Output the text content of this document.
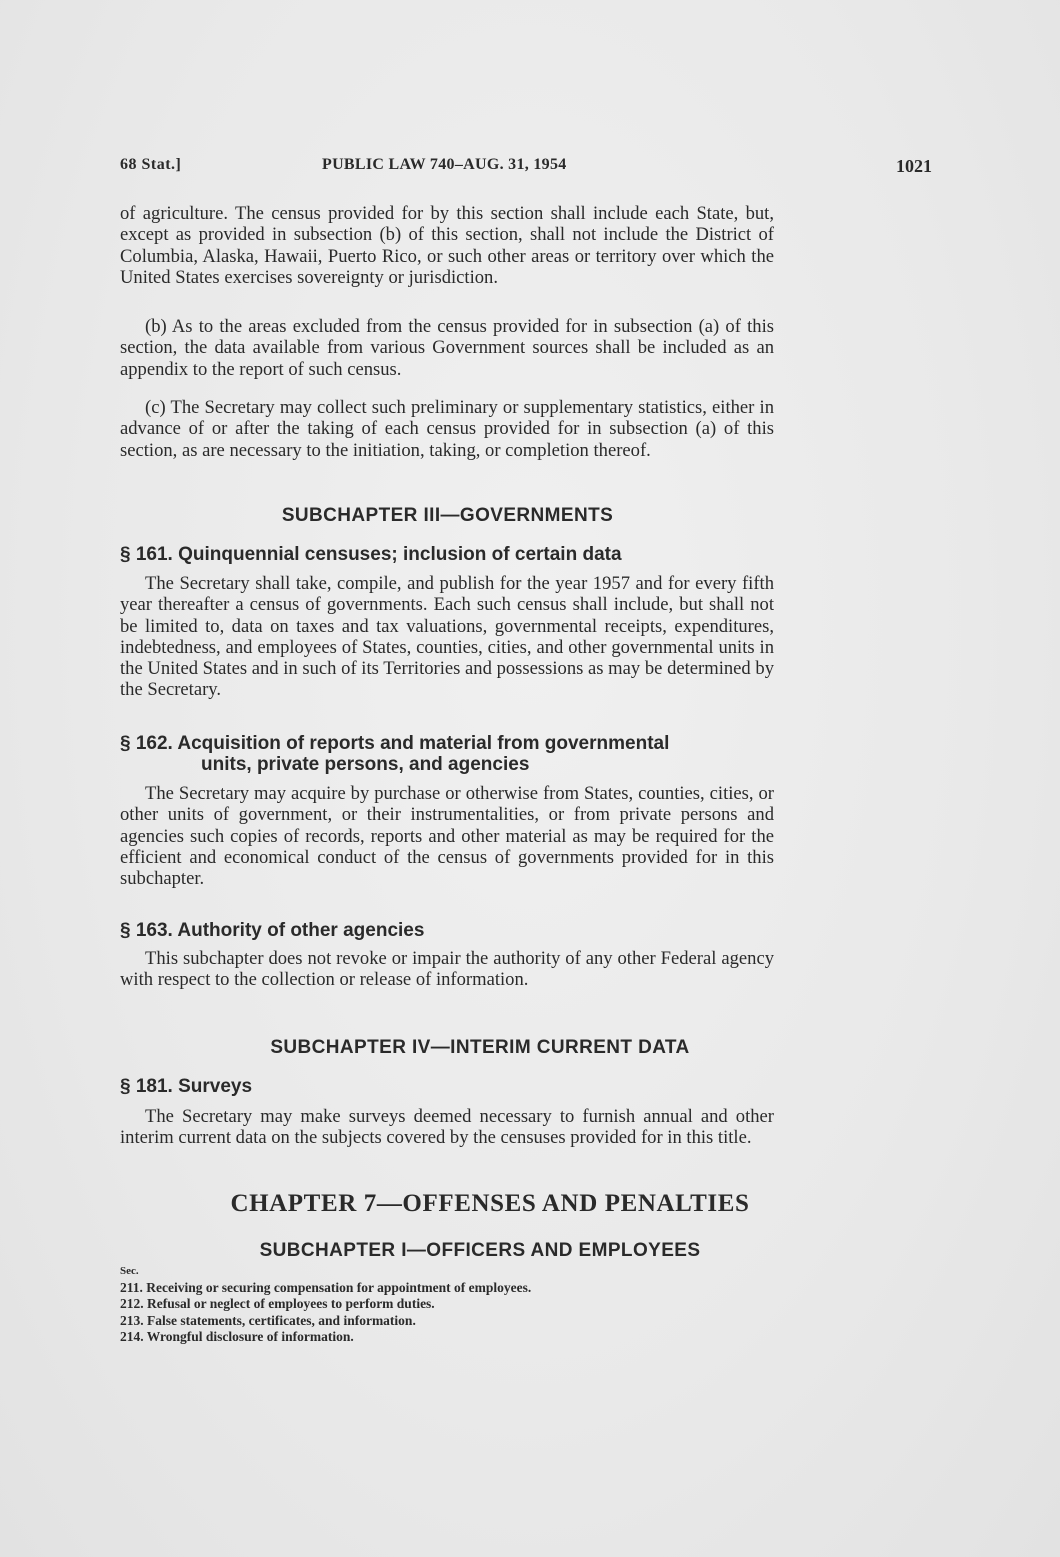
68 Stat.]	PUBLIC LAW 740–AUG. 31, 1954	1021

of agriculture. The census provided for by this section shall include each State, but, except as provided in subsection (b) of this section, shall not include the District of Columbia, Alaska, Hawaii, Puerto Rico, or such other areas or territory over which the United States exercises sovereignty or jurisdiction.

(b) As to the areas excluded from the census provided for in subsection (a) of this section, the data available from various Government sources shall be included as an appendix to the report of such census.

(c) The Secretary may collect such preliminary or supplementary statistics, either in advance of or after the taking of each census provided for in subsection (a) of this section, as are necessary to the initiation, taking, or completion thereof.

SUBCHAPTER III—GOVERNMENTS
§ 161. Quinquennial censuses; inclusion of certain data

The Secretary shall take, compile, and publish for the year 1957 and for every fifth year thereafter a census of governments. Each such census shall include, but shall not be limited to, data on taxes and tax valuations, governmental receipts, expenditures, indebtedness, and employees of States, counties, cities, and other governmental units in the United States and in such of its Territories and possessions as may be determined by the Secretary.

§ 162. Acquisition of reports and material from governmental
units, private persons, and agencies

The Secretary may acquire by purchase or otherwise from States, counties, cities, or other units of government, or their instrumentalities, or from private persons and agencies such copies of records, reports and other material as may be required for the efficient and economical conduct of the census of governments provided for in this subchapter.

§ 163. Authority of other agencies

This subchapter does not revoke or impair the authority of any other Federal agency with respect to the collection or release of information.

SUBCHAPTER IV—INTERIM CURRENT DATA
§ 181. Surveys

The Secretary may make surveys deemed necessary to furnish annual and other interim current data on the subjects covered by the censuses provided for in this title.

CHAPTER 7—OFFENSES AND PENALTIES
SUBCHAPTER I—OFFICERS AND EMPLOYEES
Sec.
211. Receiving or securing compensation for appointment of employees.
212. Refusal or neglect of employees to perform duties.
213. False statements, certificates, and information.
214. Wrongful disclosure of information.
